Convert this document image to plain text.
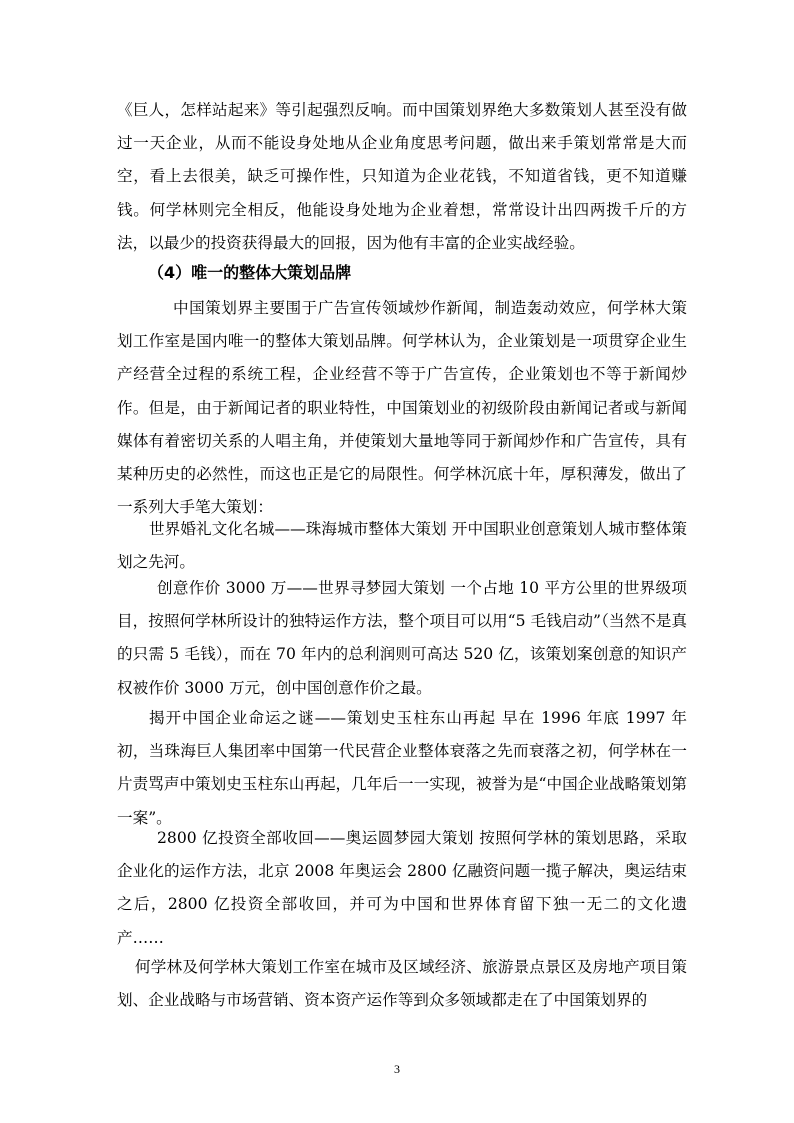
《巨人，怎样站起来》等引起强烈反响。而中国策划界绝大多数策划人甚至没有做过一天企业，从而不能设身处地从企业角度思考问题，做出来手策划常常是大而空，看上去很美，缺乏可操作性，只知道为企业花钱，不知道省钱，更不知道赚钱。何学林则完全相反，他能设身处地为企业着想，常常设计出四两拨千斤的方法，以最少的投资获得最大的回报，因为他有丰富的企业实战经验。

（4）唯一的整体大策划品牌

中国策划界主要围于广告宣传领域炒作新闻，制造轰动效应，何学林大策划工作室是国内唯一的整体大策划品牌。何学林认为，企业策划是一项贯穿企业生产经营全过程的系统工程，企业经营不等于广告宣传，企业策划也不等于新闻炒作。但是，由于新闻记者的职业特性，中国策划业的初级阶段由新闻记者或与新闻媒体有着密切关系的人唱主角，并使策划大量地等同于新闻炒作和广告宣传，具有某种历史的必然性，而这也正是它的局限性。何学林沉底十年，厚积薄发，做出了一系列大手笔大策划：

世界婚礼文化名城——珠海城市整体大策划 开中国职业创意策划人城市整体策划之先河。

创意作价 3000 万——世界寻梦园大策划 一个占地 10 平方公里的世界级项目，按照何学林所设计的独特运作方法，整个项目可以用“5 毛钱启动”（当然不是真的只需 5 毛钱），而在 70 年内的总利润则可高达 520 亿，该策划案创意的知识产权被作价 3000 万元，创中国创意作价之最。

揭开中国企业命运之谜——策划史玉柱东山再起 早在 1996 年底 1997 年初，当珠海巨人集团率中国第一代民营企业整体衰落之先而衰落之初，何学林在一片责骂声中策划史玉柱东山再起，几年后一一实现，被誉为是“中国企业战略策划第一案”。

2800 亿投资全部收回——奥运圆梦园大策划 按照何学林的策划思路，采取企业化的运作方法，北京 2008 年奥运会 2800 亿融资问题一揽子解决，奥运结束之后，2800 亿投资全部收回，并可为中国和世界体育留下独一无二的文化遗产……

何学林及何学林大策划工作室在城市及区域经济、旅游景点景区及房地产项目策划、企业战略与市场营销、资本资产运作等到众多领域都走在了中国策划界的

3
